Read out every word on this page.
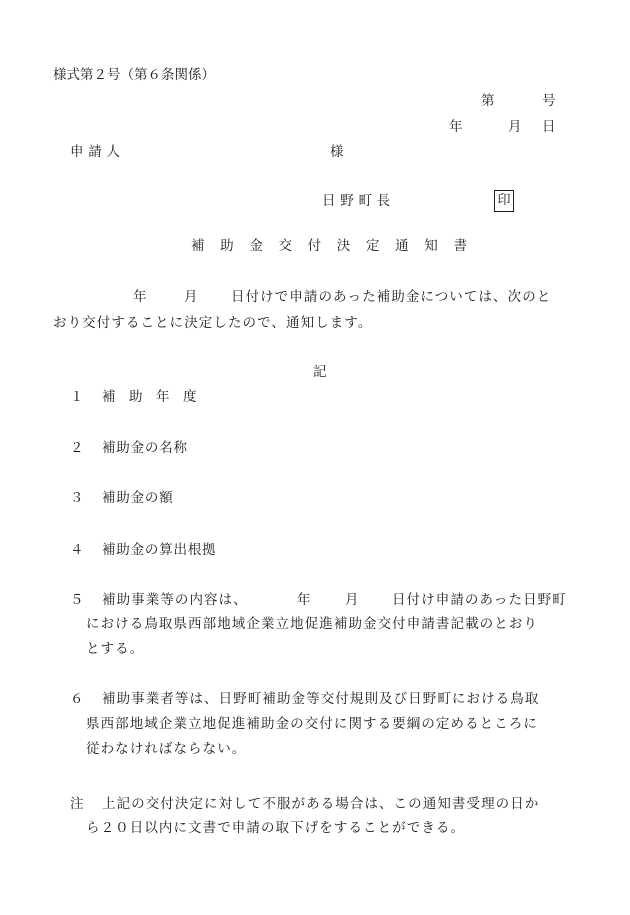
様式第２号（第６条関係）
第	号
年	月 日
申請人	様
日野町長	印
補　助　金　交　付　決　定　通　知　書
年	月 日付けで申請のあった補助金については、次のと
おり交付することに決定したので、通知します。
記
１ 補　助　年　度
２ 補助金の名称
３ 補助金の額
４ 補助金の算出根拠
５ 補助事業等の内容は、	年	月 日付け申請のあった日野町
における鳥取県西部地域企業立地促進補助金交付申請書記載のとおり
とする。
６ 補助事業者等は、日野町補助金等交付規則及び日野町における鳥取
県西部地域企業立地促進補助金の交付に関する要綱の定めるところに
従わなければならない。
注 上記の交付決定に対して不服がある場合は、この通知書受理の日か
ら２０日以内に文書で申請の取下げをすることができる。
